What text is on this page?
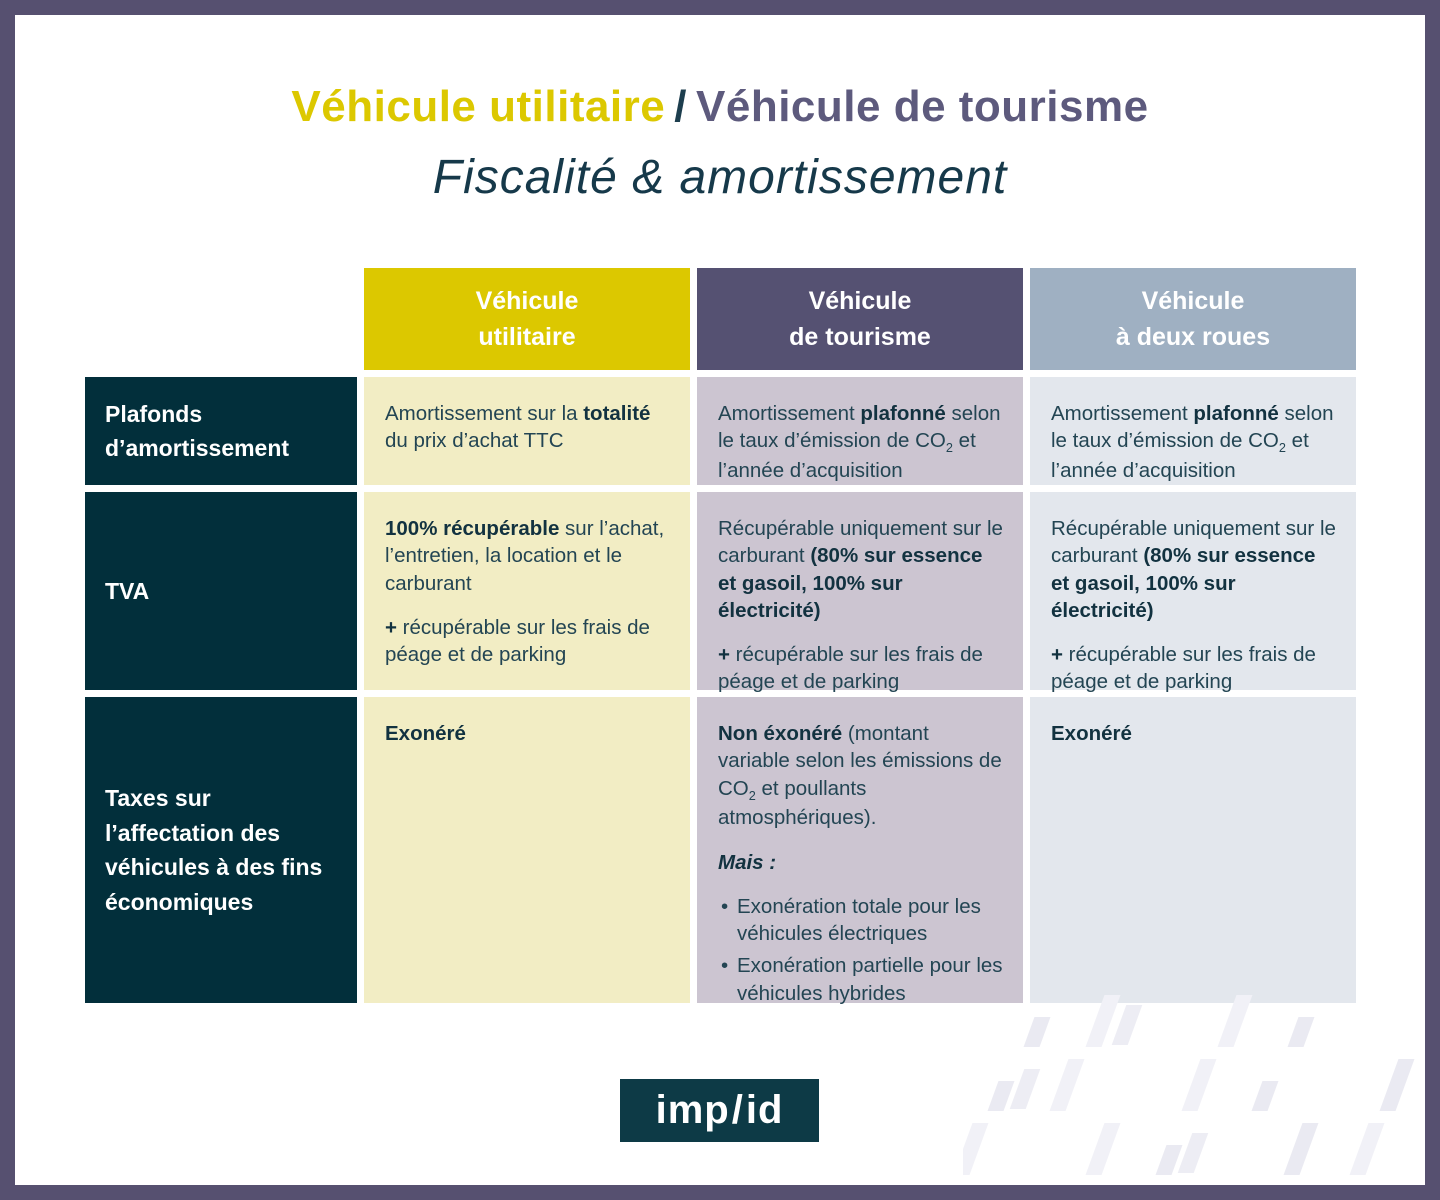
Véhicule utilitaire / Véhicule de tourisme
Fiscalité & amortissement
Véhicule
utilitaire
Véhicule
de tourisme
Véhicule
à deux roues
Plafonds d’amortissement
Amortissement sur la totalité du prix d’achat TTC
Amortissement plafonné selon le taux d’émission de $CO_2$ et l’année d’acquisition
Amortissement plafonné selon le taux d’émission de $CO_2$ et l’année d’acquisition
TVA
100% récupérable sur l’achat, l’entretien, la location et le carburant
+ récupérable sur les frais de péage et de parking
Récupérable uniquement sur le carburant (80% sur essence et gasoil, 100% sur électricité)
+ récupérable sur les frais de péage et de parking
Récupérable uniquement sur le carburant (80% sur essence et gasoil, 100% sur électricité)
+ récupérable sur les frais de péage et de parking
Taxes sur l’affectation des véhicules à des fins économiques
Exonéré	Non éxonéré (montant variable selon les émissions de $CO_2$ et poullants atmosphériques).
Mais :
• Exonération totale pour les véhicules électriques
• Exonération partielle pour les véhicules hybrides
Exonéré
imp / id
